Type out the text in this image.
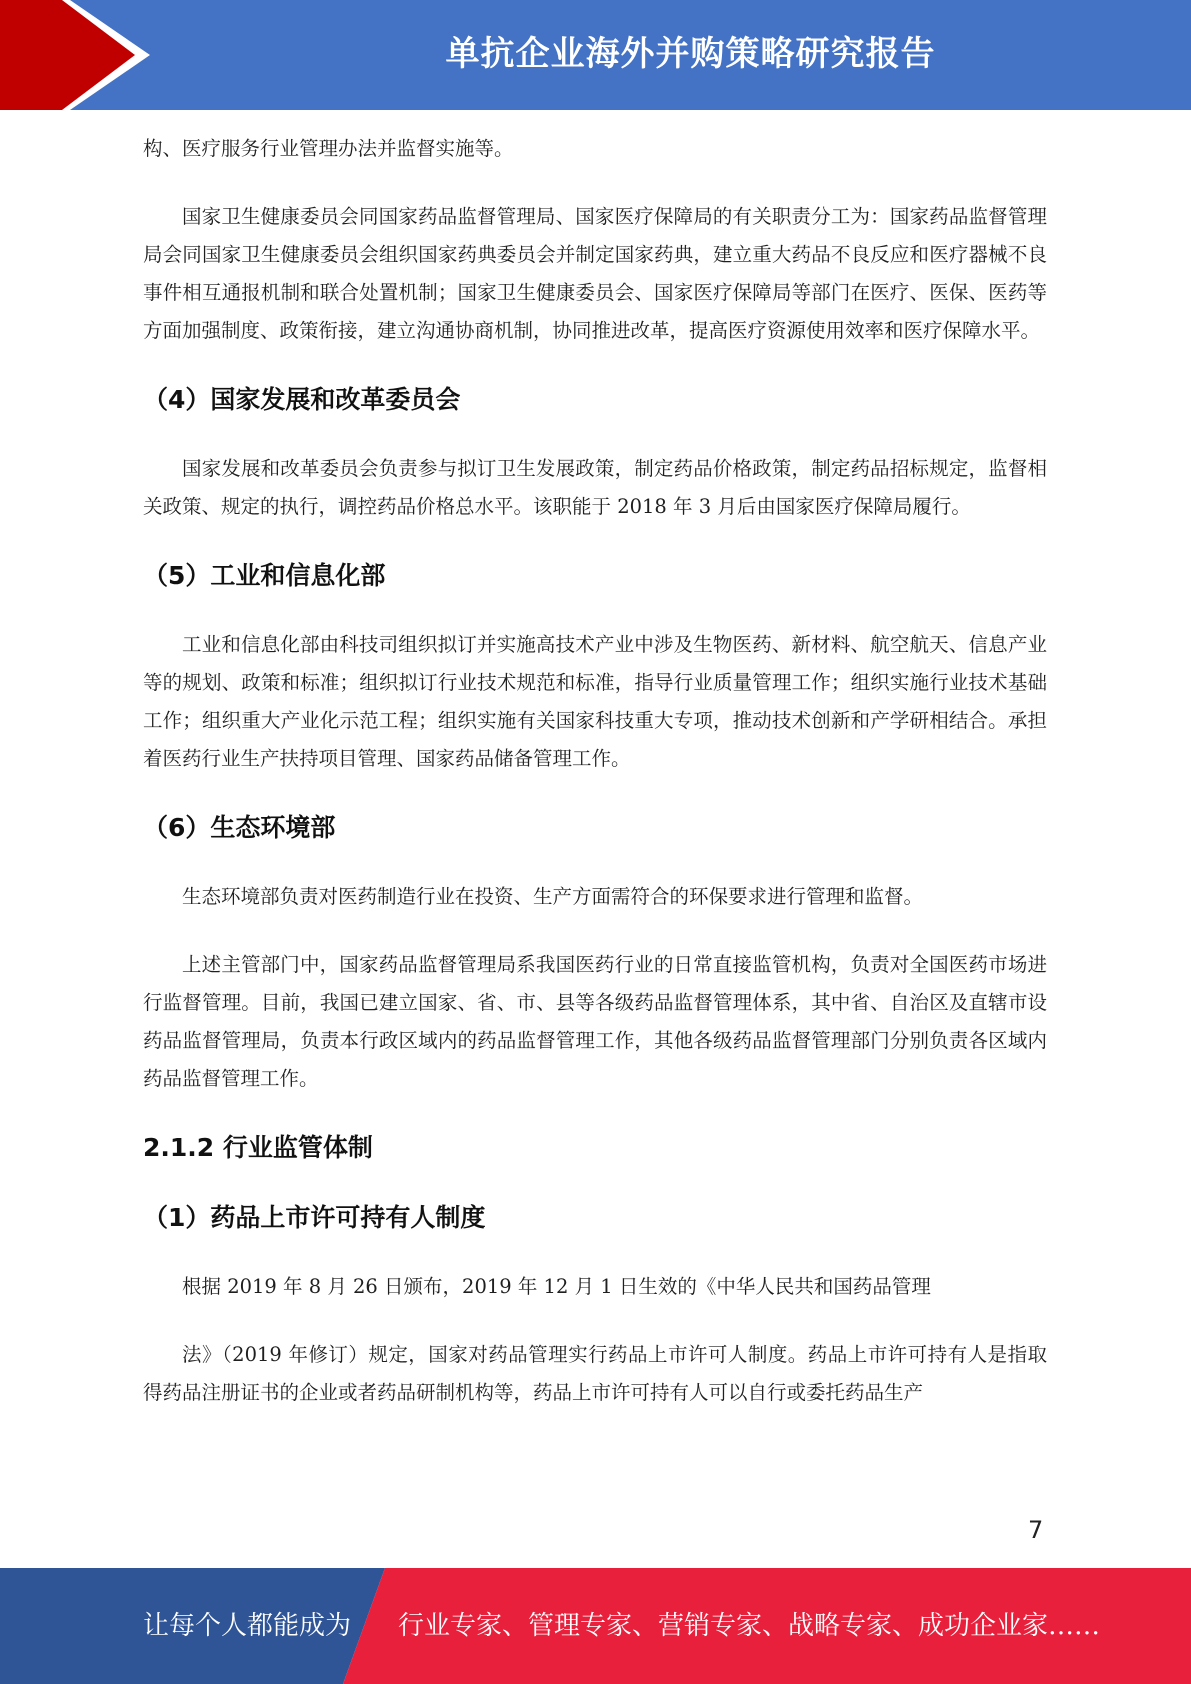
单抗企业海外并购策略研究报告

构、医疗服务行业管理办法并监督实施等。

国家卫生健康委员会同国家药品监督管理局、国家医疗保障局的有关职责分工为：国家药品监督管理局会同国家卫生健康委员会组织国家药典委员会并制定国家药典，建立重大药品不良反应和医疗器械不良事件相互通报机制和联合处置机制；国家卫生健康委员会、国家医疗保障局等部门在医疗、医保、医药等方面加强制度、政策衔接，建立沟通协商机制，协同推进改革，提高医疗资源使用效率和医疗保障水平。

（4）国家发展和改革委员会

国家发展和改革委员会负责参与拟订卫生发展政策，制定药品价格政策，制定药品招标规定，监督相关政策、规定的执行，调控药品价格总水平。该职能于 2018 年 3 月后由国家医疗保障局履行。

（5）工业和信息化部

工业和信息化部由科技司组织拟订并实施高技术产业中涉及生物医药、新材料、航空航天、信息产业等的规划、政策和标准；组织拟订行业技术规范和标准，指导行业质量管理工作；组织实施行业技术基础工作；组织重大产业化示范工程；组织实施有关国家科技重大专项，推动技术创新和产学研相结合。承担着医药行业生产扶持项目管理、国家药品储备管理工作。

（6）生态环境部

生态环境部负责对医药制造行业在投资、生产方面需符合的环保要求进行管理和监督。

上述主管部门中，国家药品监督管理局系我国医药行业的日常直接监管机构，负责对全国医药市场进行监督管理。目前，我国已建立国家、省、市、县等各级药品监督管理体系，其中省、自治区及直辖市设药品监督管理局，负责本行政区域内的药品监督管理工作，其他各级药品监督管理部门分别负责各区域内药品监督管理工作。

2.1.2 行业监管体制
（1）药品上市许可持有人制度

根据 2019 年 8 月 26 日颁布，2019 年 12 月 1 日生效的《中华人民共和国药品管理

法》（2019 年修订）规定，国家对药品管理实行药品上市许可人制度。药品上市许可持有人是指取得药品注册证书的企业或者药品研制机构等，药品上市许可持有人可以自行或委托药品生产

7
让每个人都能成为 行业专家、管理专家、营销专家、战略专家、成功企业家……
